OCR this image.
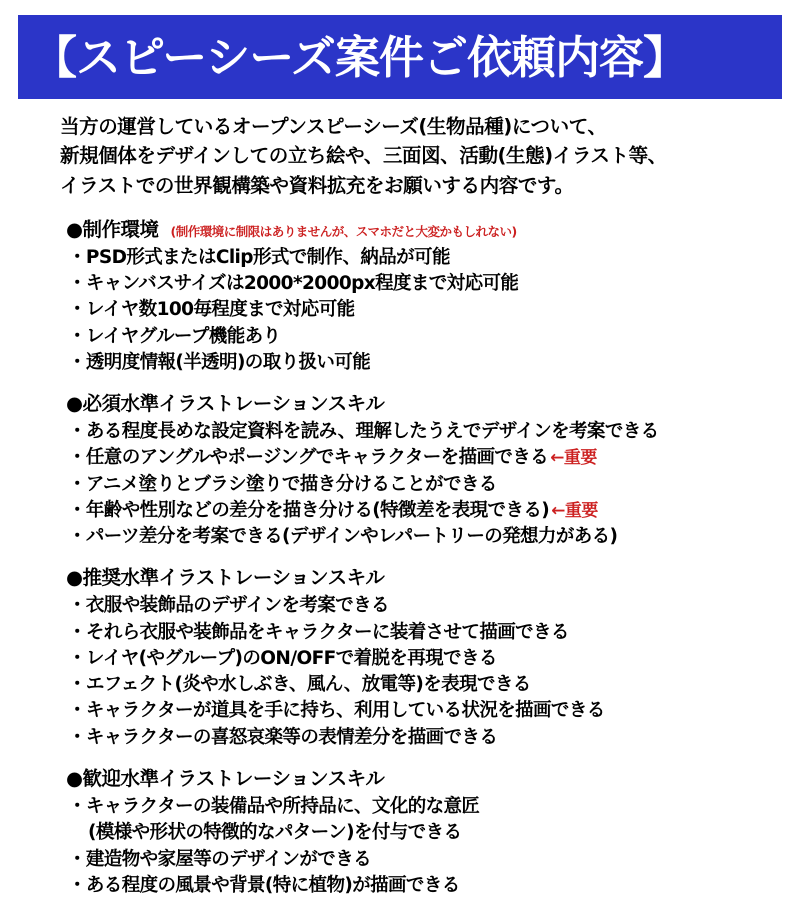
【スピーシーズ案件ご依頼内容】
当方の運営しているオープンスピーシーズ(生物品種)について、
新規個体をデザインしての立ち絵や、三面図、活動(生態)イラスト等、
イラストでの世界観構築や資料拡充をお願いする内容です。
●制作環境 (制作環境に制限はありませんが、スマホだと大変かもしれない)
・PSD形式またはClip形式で制作、納品が可能
・キャンバスサイズは2000*2000px程度まで対応可能
・レイヤ数100毎程度まで対応可能
・レイヤグループ機能あり
・透明度情報(半透明)の取り扱い可能
●必須水準イラストレーションスキル
・ある程度長めな設定資料を読み、理解したうえでデザインを考案できる
・任意のアングルやポージングでキャラクターを描画できる ←重要
・アニメ塗りとブラシ塗りで描き分けることができる
・年齢や性別などの差分を描き分ける(特徴差を表現できる) ←重要
・パーツ差分を考案できる(デザインやレパートリーの発想力がある)
●推奨水準イラストレーションスキル
・衣服や装飾品のデザインを考案できる
・それら衣服や装飾品をキャラクターに装着させて描画できる
・レイヤ(やグループ)のON/OFFで着脱を再現できる
・エフェクト(炎や水しぶき、風ん、放電等)を表現できる
・キャラクターが道具を手に持ち、利用している状況を描画できる
・キャラクターの喜怒哀楽等の表情差分を描画できる
●歓迎水準イラストレーションスキル
・キャラクターの装備品や所持品に、文化的な意匠
(模様や形状の特徴的なパターン)を付与できる
・建造物や家屋等のデザインができる
・ある程度の風景や背景(特に植物)が描画できる
